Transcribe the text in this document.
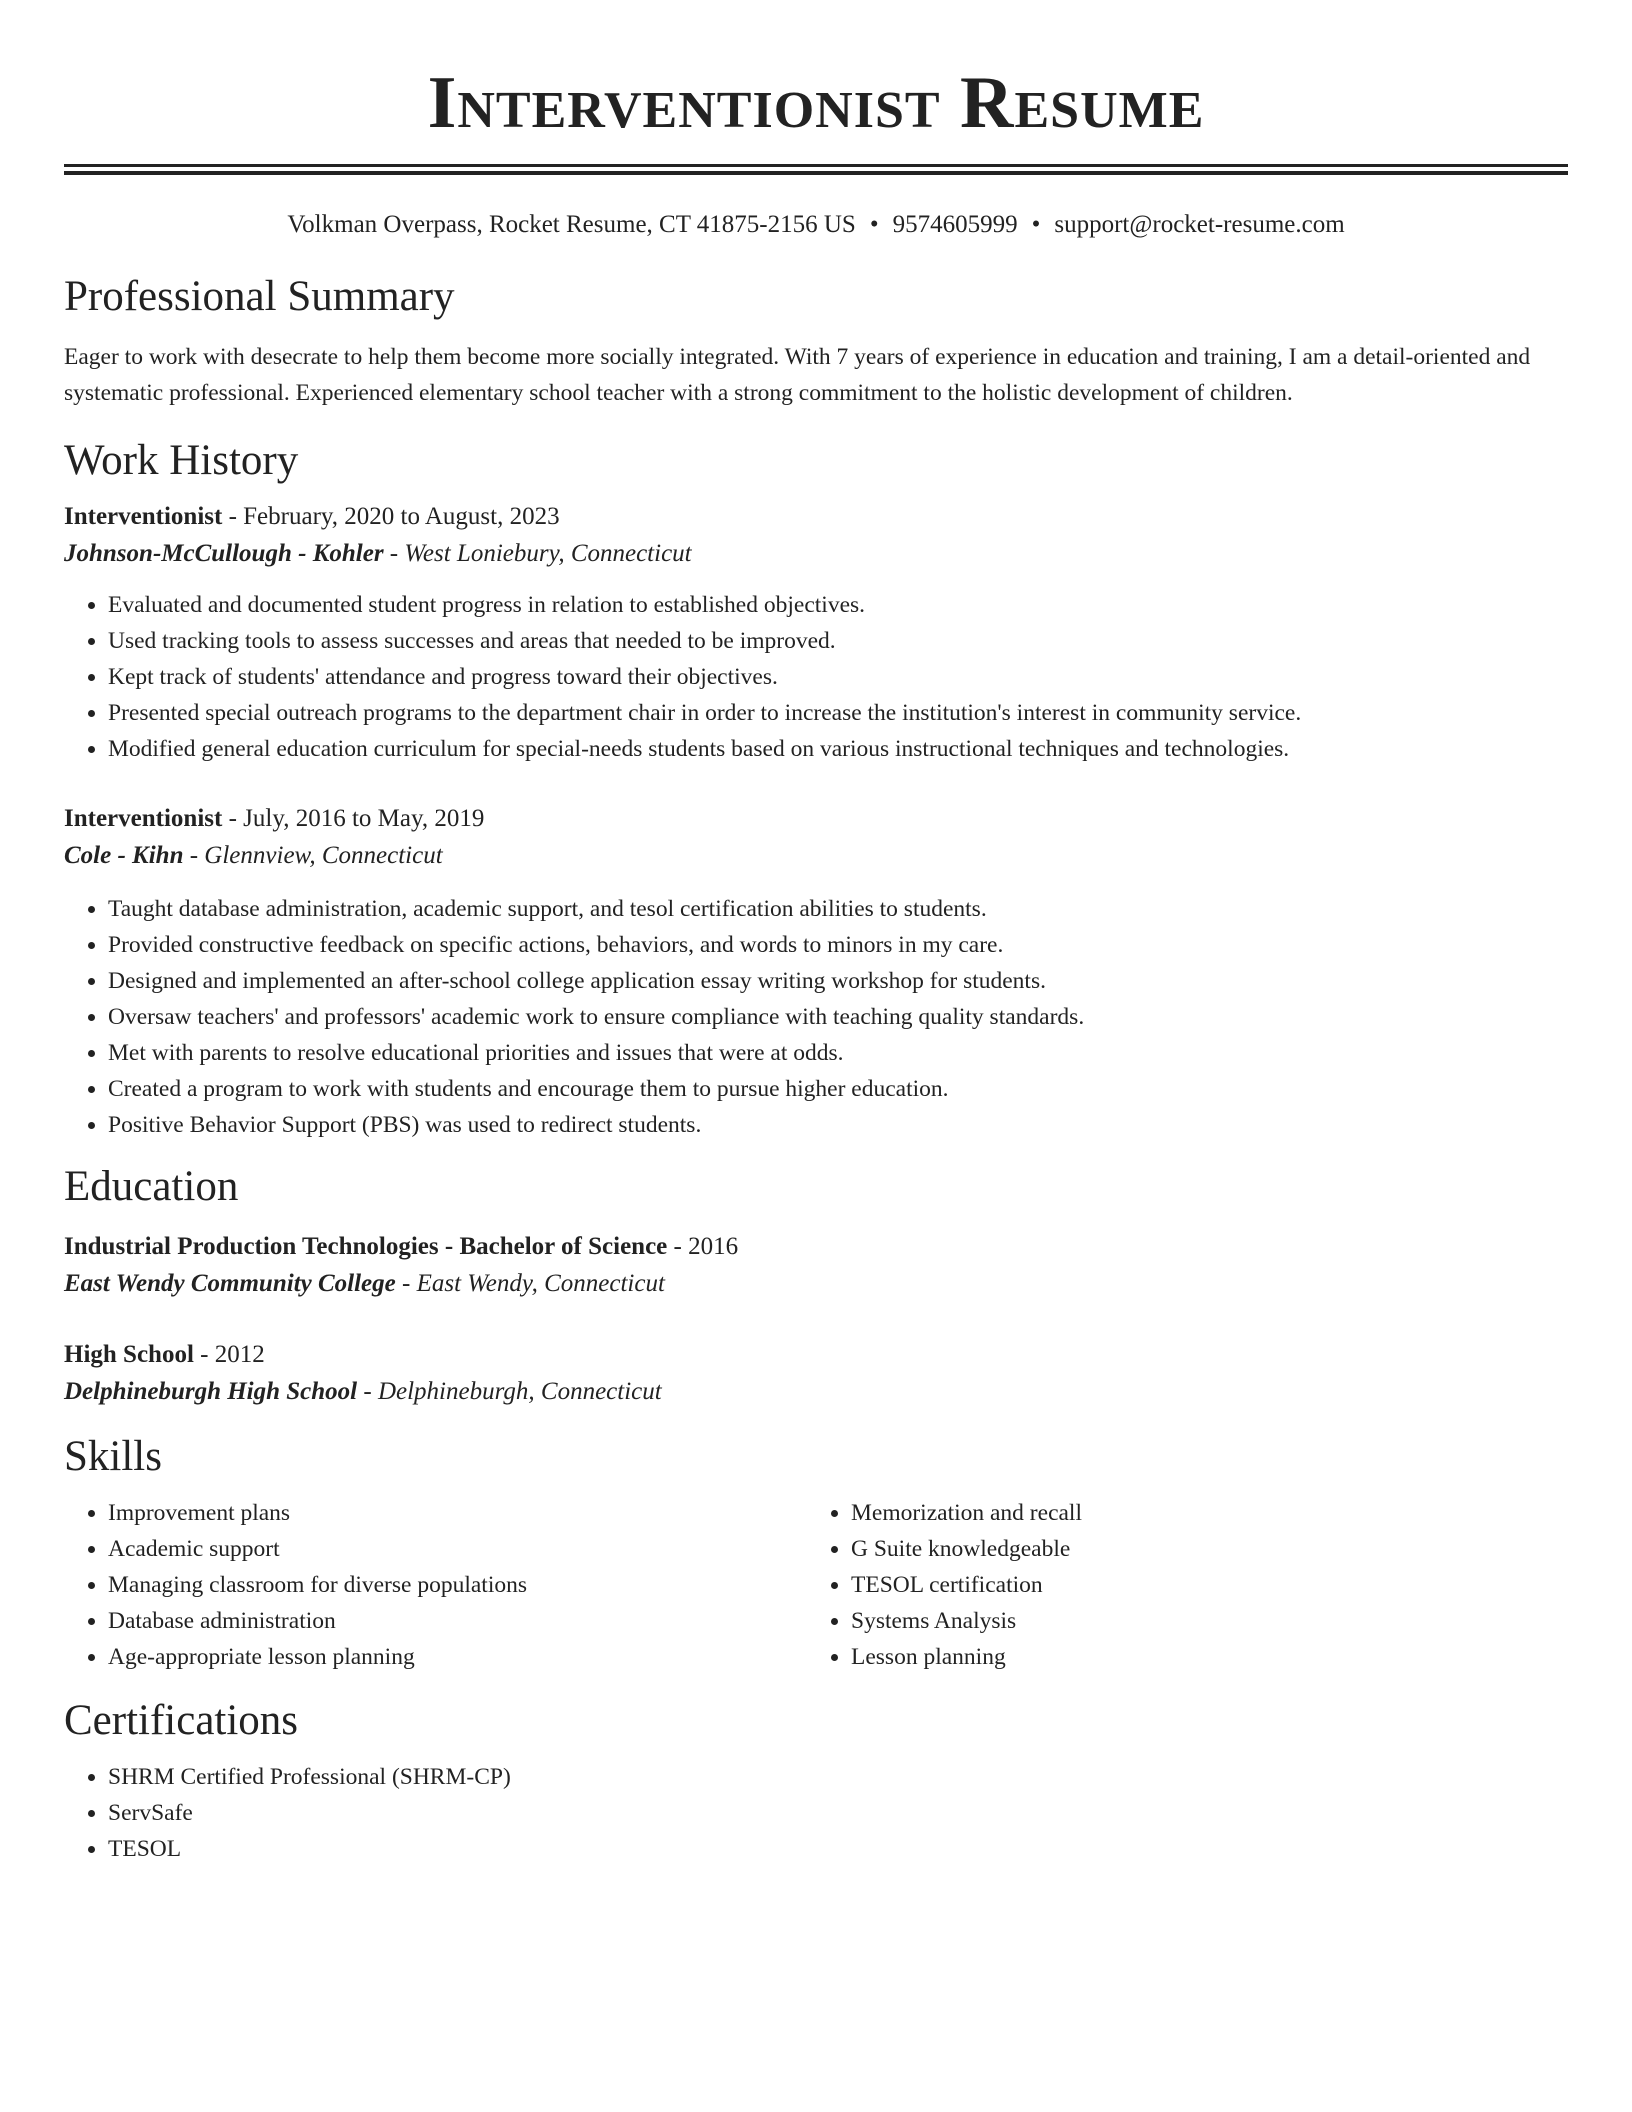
Interventionist Resume
Volkman Overpass, Rocket Resume, CT 41875-2156 US • 9574605999 • support@rocket-resume.com
Professional Summary
Eager to work with desecrate to help them become more socially integrated. With 7 years of experience in education and training, I am a detail-oriented and systematic professional. Experienced elementary school teacher with a strong commitment to the holistic development of children.
Work History
Interventionist - February, 2020 to August, 2023
Johnson-McCullough - Kohler - West Loniebury, Connecticut
• Evaluated and documented student progress in relation to established objectives.
• Used tracking tools to assess successes and areas that needed to be improved.
• Kept track of students' attendance and progress toward their objectives.
• Presented special outreach programs to the department chair in order to increase the institution's interest in community service.
• Modified general education curriculum for special-needs students based on various instructional techniques and technologies.
Interventionist - July, 2016 to May, 2019
Cole - Kihn - Glennview, Connecticut
• Taught database administration, academic support, and tesol certification abilities to students.
• Provided constructive feedback on specific actions, behaviors, and words to minors in my care.
• Designed and implemented an after-school college application essay writing workshop for students.
• Oversaw teachers' and professors' academic work to ensure compliance with teaching quality standards.
• Met with parents to resolve educational priorities and issues that were at odds.
• Created a program to work with students and encourage them to pursue higher education.
• Positive Behavior Support (PBS) was used to redirect students.
Education
Industrial Production Technologies - Bachelor of Science - 2016
East Wendy Community College - East Wendy, Connecticut
High School - 2012
Delphineburgh High School - Delphineburgh, Connecticut
Skills
• Improvement plans
• Academic support
• Managing classroom for diverse populations
• Database administration
• Age-appropriate lesson planning
• Memorization and recall
• G Suite knowledgeable
• TESOL certification
• Systems Analysis
• Lesson planning
Certifications
• SHRM Certified Professional (SHRM-CP)
• ServSafe
• TESOL
